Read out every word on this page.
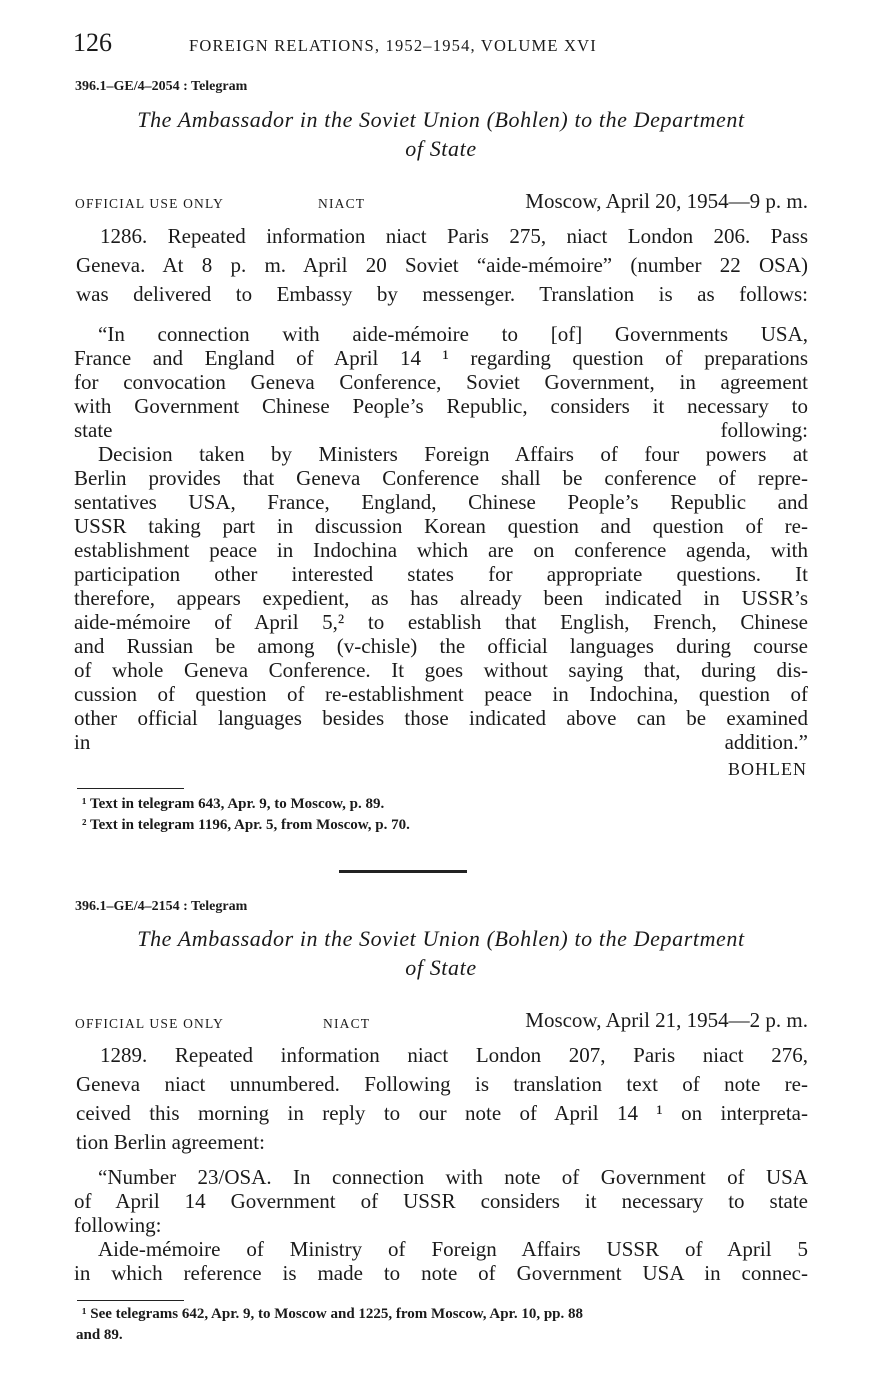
126	FOREIGN RELATIONS, 1952–1954, VOLUME XVI
396.1–GE/4–2054 : Telegram
The Ambassador in the Soviet Union (Bohlen) to the Department
of State
OFFICIAL USE ONLY	NIACT	Moscow, April 20, 1954—9 p. m.
1286. Repeated information niact Paris 275, niact London 206. Pass
Geneva. At 8 p. m. April 20 Soviet “aide-mémoire” (number 22 OSA)
was delivered to Embassy by messenger. Translation is as follows:
“In connection with aide-mémoire to [of] Governments USA,
France and England of April 14 ¹ regarding question of preparations
for convocation Geneva Conference, Soviet Government, in agreement
with Government Chinese People’s Republic, considers it necessary to
state following:
Decision taken by Ministers Foreign Affairs of four powers at
Berlin provides that Geneva Conference shall be conference of repre-
sentatives USA, France, England, Chinese People’s Republic and
USSR taking part in discussion Korean question and question of re-
establishment peace in Indochina which are on conference agenda, with
participation other interested states for appropriate questions. It
therefore, appears expedient, as has already been indicated in USSR’s
aide-mémoire of April 5,² to establish that English, French, Chinese
and Russian be among (v-chisle) the official languages during course
of whole Geneva Conference. It goes without saying that, during dis-
cussion of question of re-establishment peace in Indochina, question of
other official languages besides those indicated above can be examined
in addition.”
BOHLEN
¹ Text in telegram 643, Apr. 9, to Moscow, p. 89.
² Text in telegram 1196, Apr. 5, from Moscow, p. 70.
396.1–GE/4–2154 : Telegram
The Ambassador in the Soviet Union (Bohlen) to the Department
of State
OFFICIAL USE ONLY	NIACT	Moscow, April 21, 1954—2 p. m.
1289. Repeated information niact London 207, Paris niact 276,
Geneva niact unnumbered. Following is translation text of note re-
ceived this morning in reply to our note of April 14 ¹ on interpreta-
tion Berlin agreement:
“Number 23/OSA. In connection with note of Government of USA
of April 14 Government of USSR considers it necessary to state
following:
Aide-mémoire of Ministry of Foreign Affairs USSR of April 5
in which reference is made to note of Government USA in connec-
¹ See telegrams 642, Apr. 9, to Moscow and 1225, from Moscow, Apr. 10, pp. 88
and 89.
